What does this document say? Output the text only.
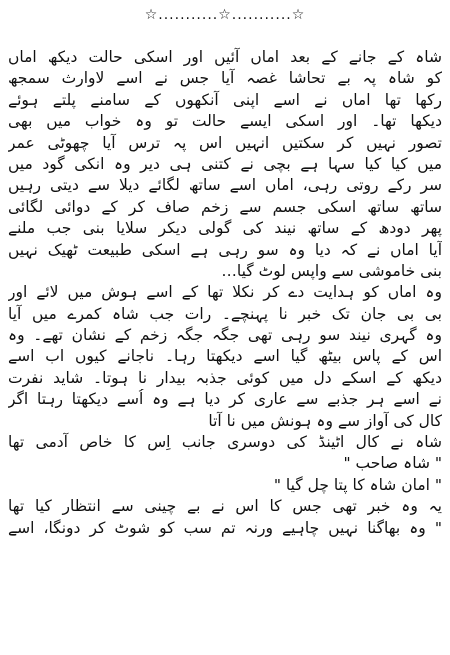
☆...........☆...........☆
شاہ کے جانے کے بعد اماں آئیں اور اسکی حالت دیکھ اماں
کو شاہ پہ بے تحاشا غصہ آیا جس نے اسے لاوارث سمجھ
رکھا تھا اماں نے اسے اپنی آنکھوں کے سامنے پلتے ہوئے
دیکھا تھا۔ اور اسکی ایسے حالت تو وہ خواب میں بھی
تصور نہیں کر سکتیں انہیں اس پہ ترس آیا چھوٹی عمر
میں کیا کیا سہا ہے بچی نے کتنی ہی دیر وہ انکی گود میں
سر رکے روتی رہی، اماں اسے ساتھ لگائے دیلا سے دیتی رہیں
ساتھ ساتھ اسکی جسم سے زخم صاف کر کے دوائی لگائی
پھر دودھ کے ساتھ نیند کی گولی دیکر سلایا بنی جب ملنے
آیا اماں نے کہ دیا وہ سو رہی ہے اسکی طبیعت ٹھیک نہیں
بنی خاموشی سے واپس لوٹ گیا…
وہ اماں کو ہدایت دے کر نکلا تھا کے اسے ہوش میں لائے اور
بی بی جان تک خبر نا پہنچے۔ رات جب شاہ کمرے میں آیا
وہ گہری نیند سو رہی تھی جگہ جگہ زخم کے نشان تھے۔ وہ
اس کے پاس بیٹھ گیا اسے دیکھتا رہا۔ ناجانے کیوں اب اسے
دیکھ کے اسکے دل میں کوئی جذبہ بیدار نا ہوتا۔ شاید نفرت
نے اسے ہر جذبے سے عاری کر دیا ہے وہ اُسے دیکھتا رہتا اگر
کال کی آواز سے وہ ہونش میں نا آتا
شاہ نے کال اٹینڈ کی دوسری جانب اِس کا خاص آدمی تھا
" شاہ صاحب "
" امان شاہ کا پتا چل گیا "
یہ وہ خبر تھی جس کا اس نے بے چینی سے انتظار کیا تھا
" وہ بھاگنا نہیں چاہیے ورنہ تم سب کو شوٹ کر دونگا، اسے
